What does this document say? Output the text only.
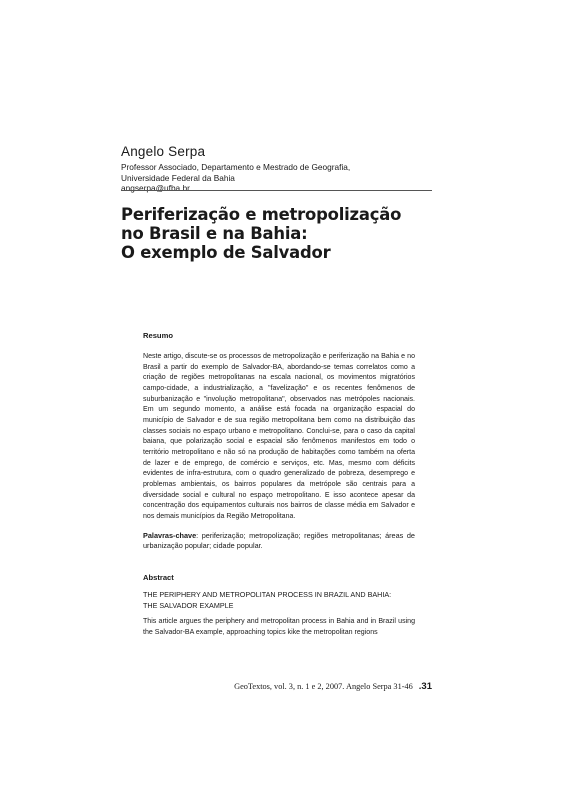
Angelo Serpa
Professor Associado, Departamento e Mestrado de Geografia,
Universidade Federal da Bahia
angserpa@ufba.br
Periferização e metropolização
no Brasil e na Bahia:
O exemplo de Salvador
Resumo

Neste artigo, discute-se os processos de metropolização e periferização na Bahia e no Brasil a partir do exemplo de Salvador-BA, abordando-se temas correlatos como a criação de regiões metropolitanas na escala nacional, os movimentos migratórios campo-cidade, a industrialização, a "favelização" e os recentes fenômenos de suburbanização e "involução metropolitana", observados nas metrópoles nacionais. Em um segundo momento, a análise está focada na organização espacial do município de Salvador e de sua região metropolitana bem como na distribuição das classes sociais no espaço urbano e metropolitano. Conclui-se, para o caso da capital baiana, que polarização social e espacial são fenômenos manifestos em todo o território metropolitano e não só na produção de habitações como também na oferta de lazer e de emprego, de comércio e serviços, etc. Mas, mesmo com déficits evidentes de infra-estrutura, com o quadro generalizado de pobreza, desemprego e problemas ambientais, os bairros populares da metrópole são centrais para a diversidade social e cultural no espaço metropolitano. E isso acontece apesar da concentração dos equipamentos culturais nos bairros de classe média em Salvador e nos demais municípios da Região Metropolitana.

Palavras-chave: periferização; metropolização; regiões metropolitanas; áreas de urbanização popular; cidade popular.

Abstract
THE PERIPHERY AND METROPOLITAN PROCESS IN BRAZIL AND BAHIA:
THE SALVADOR EXAMPLE

This article argues the periphery and metropolitan process in Bahia and in Brazil using the Salvador-BA example, approaching topics kike the metropolitan regions

GeoTextos, vol. 3, n. 1 e 2, 2007. Angelo Serpa 31-46 .31
